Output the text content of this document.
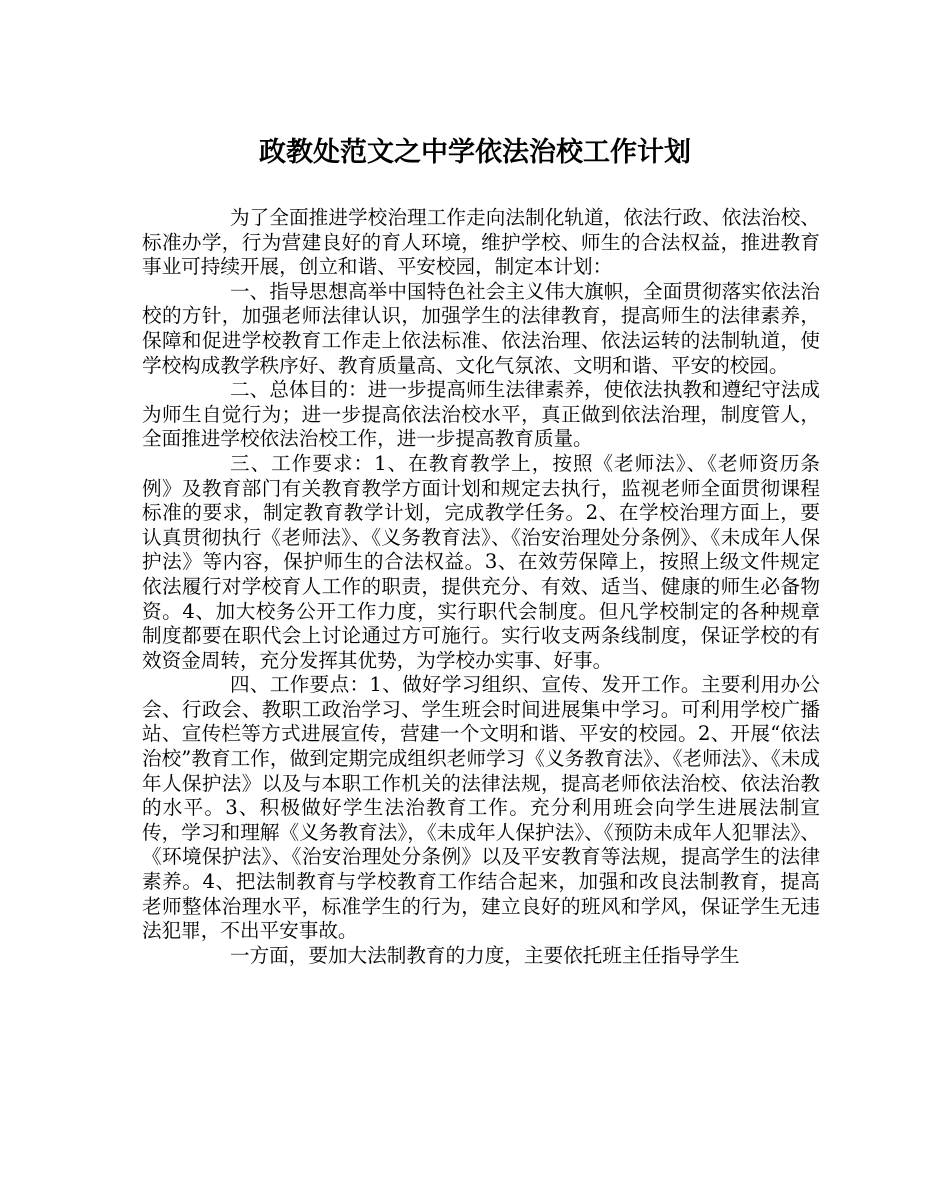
政教处范文之中学依法治校工作计划

为了全面推进学校治理工作走向法制化轨道，依法行政、依法治校、标准办学，行为营建良好的育人环境，维护学校、师生的合法权益，推进教育事业可持续开展，创立和谐、平安校园，制定本计划：

一、指导思想高举中国特色社会主义伟大旗帜，全面贯彻落实依法治校的方针，加强老师法律认识，加强学生的法律教育，提高师生的法律素养，保障和促进学校教育工作走上依法标准、依法治理、依法运转的法制轨道，使学校构成教学秩序好、教育质量高、文化气氛浓、文明和谐、平安的校园。

二、总体目的：进一步提高师生法律素养，使依法执教和遵纪守法成为师生自觉行为；进一步提高依法治校水平，真正做到依法治理，制度管人，全面推进学校依法治校工作，进一步提高教育质量。

三、工作要求：1、在教育教学上，按照《老师法》、《老师资历条例》及教育部门有关教育教学方面计划和规定去执行，监视老师全面贯彻课程标准的要求，制定教育教学计划，完成教学任务。2、在学校治理方面上，要认真贯彻执行《老师法》、《义务教育法》、《治安治理处分条例》、《未成年人保护法》等内容，保护师生的合法权益。3、在效劳保障上，按照上级文件规定依法履行对学校育人工作的职责，提供充分、有效、适当、健康的师生必备物资。4、加大校务公开工作力度，实行职代会制度。但凡学校制定的各种规章制度都要在职代会上讨论通过方可施行。实行收支两条线制度，保证学校的有效资金周转，充分发挥其优势，为学校办实事、好事。

四、工作要点：1、做好学习组织、宣传、发开工作。主要利用办公会、行政会、教职工政治学习、学生班会时间进展集中学习。可利用学校广播站、宣传栏等方式进展宣传，营建一个文明和谐、平安的校园。2、开展“依法治校”教育工作，做到定期完成组织老师学习《义务教育法》、《老师法》、《未成年人保护法》以及与本职工作机关的法律法规，提高老师依法治校、依法治教的水平。3、积极做好学生法治教育工作。充分利用班会向学生进展法制宣传，学习和理解《义务教育法》，《未成年人保护法》、《预防未成年人犯罪法》、《环境保护法》、《治安治理处分条例》以及平安教育等法规，提高学生的法律素养。4、把法制教育与学校教育工作结合起来，加强和改良法制教育，提高老师整体治理水平，标准学生的行为，建立良好的班风和学风，保证学生无违法犯罪，不出平安事故。

一方面，要加大法制教育的力度，主要依托班主任指导学生
